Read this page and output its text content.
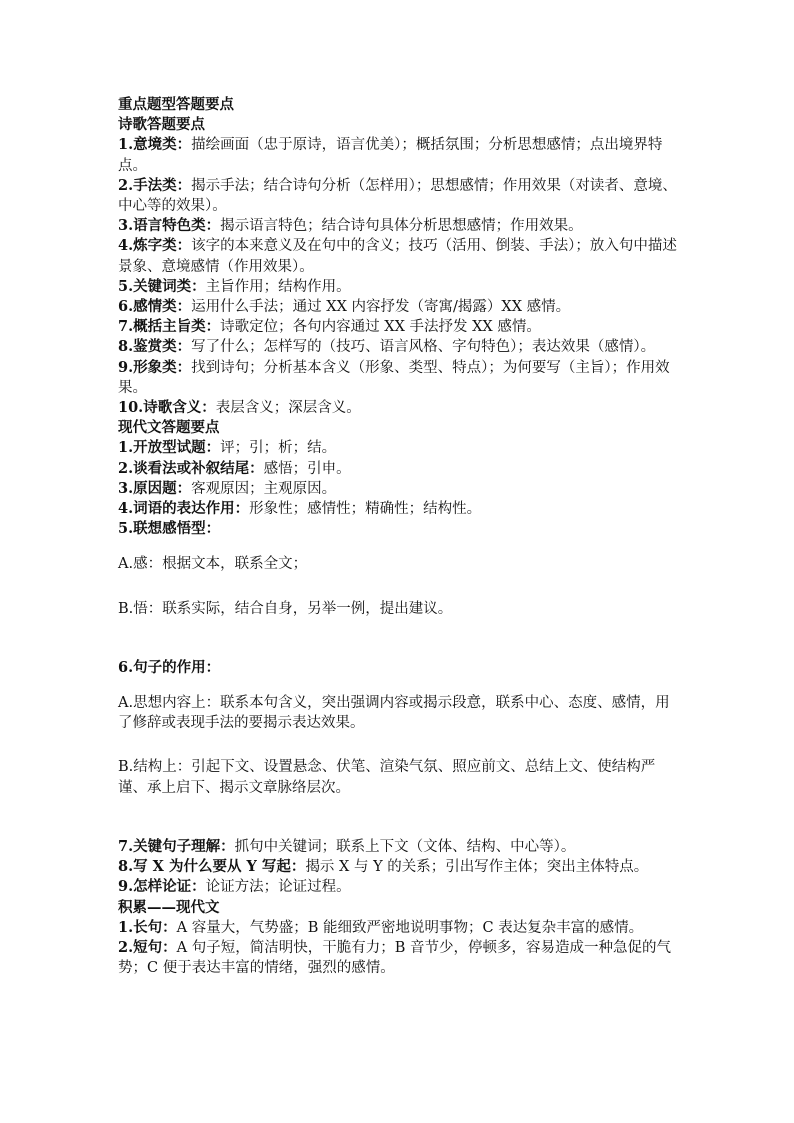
重点题型答题要点

诗歌答题要点

1.意境类：描绘画面（忠于原诗，语言优美）；概括氛围；分析思想感情；点出境界特点。

2.手法类：揭示手法；结合诗句分析（怎样用）；思想感情；作用效果（对读者、意境、中心等的效果）。

3.语言特色类：揭示语言特色；结合诗句具体分析思想感情；作用效果。

4.炼字类：该字的本来意义及在句中的含义；技巧（活用、倒装、手法）；放入句中描述景象、意境感情（作用效果）。

5.关键词类：主旨作用；结构作用。

6.感情类：运用什么手法；通过 XX 内容抒发（寄寓/揭露）XX 感情。

7.概括主旨类：诗歌定位；各句内容通过 XX 手法抒发 XX 感情。

8.鉴赏类：写了什么；怎样写的（技巧、语言风格、字句特色）；表达效果（感情）。

9.形象类：找到诗句；分析基本含义（形象、类型、特点）；为何要写（主旨）；作用效果。

10.诗歌含义：表层含义；深层含义。

现代文答题要点

1.开放型试题：评；引；析；结。

2.谈看法或补叙结尾：感悟；引申。

3.原因题：客观原因；主观原因。

4.词语的表达作用：形象性；感情性；精确性；结构性。

5.联想感悟型：

A.感：根据文本，联系全文；

B.悟：联系实际，结合自身，另举一例，提出建议。

6.句子的作用：

A.思想内容上：联系本句含义，突出强调内容或揭示段意，联系中心、态度、感情，用了修辞或表现手法的要揭示表达效果。

B.结构上：引起下文、设置悬念、伏笔、渲染气氛、照应前文、总结上文、使结构严谨、承上启下、揭示文章脉络层次。

7.关键句子理解：抓句中关键词；联系上下文（文体、结构、中心等）。

8.写 X 为什么要从 Y 写起：揭示 X 与 Y 的关系；引出写作主体；突出主体特点。

9.怎样论证：论证方法；论证过程。

积累——现代文

1.长句：A 容量大，气势盛；B 能细致严密地说明事物；C 表达复杂丰富的感情。

2.短句：A 句子短，简洁明快，干脆有力；B 音节少，停顿多，容易造成一种急促的气势；C 便于表达丰富的情绪，强烈的感情。
